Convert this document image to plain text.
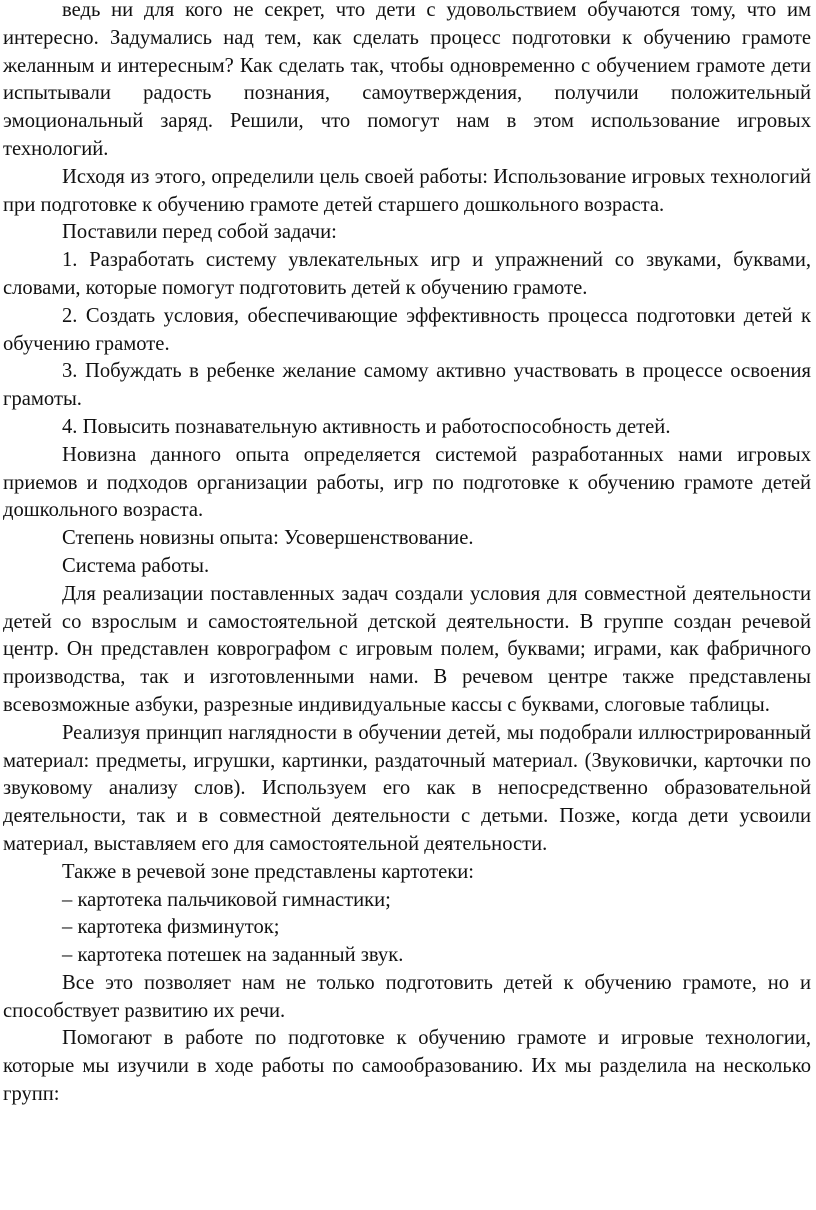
ведь ни для кого не секрет, что дети с удовольствием обучаются тому, что им интересно. Задумались над тем, как сделать процесс подготовки к обучению грамоте желанным и интересным? Как сделать так, чтобы одновременно с обучением грамоте дети испытывали радость познания, самоутверждения, получили положительный эмоциональный заряд. Решили, что помогут нам в этом использование игровых технологий.

Исходя из этого, определили цель своей работы: Использование игровых технологий при подготовке к обучению грамоте детей старшего дошкольного возраста.

Поставили перед собой задачи:

1. Разработать систему увлекательных игр и упражнений со звуками, буквами, словами, которые помогут подготовить детей к обучению грамоте.

2. Создать условия, обеспечивающие эффективность процесса подготовки детей к обучению грамоте.

3. Побуждать в ребенке желание самому активно участвовать в процессе освоения грамоты.

4. Повысить познавательную активность и работоспособность детей.

Новизна данного опыта определяется системой разработанных нами игровых приемов и подходов организации работы, игр по подготовке к обучению грамоте детей дошкольного возраста.

Степень новизны опыта: Усовершенствование.

Система работы.

Для реализации поставленных задач создали условия для совместной деятельности детей со взрослым и самостоятельной детской деятельности. В группе создан речевой центр. Он представлен коврографом с игровым полем, буквами; играми, как фабричного производства, так и изготовленными нами. В речевом центре также представлены всевозможные азбуки, разрезные индивидуальные кассы с буквами, слоговые таблицы.

Реализуя принцип наглядности в обучении детей, мы подобрали иллюстрированный материал: предметы, игрушки, картинки, раздаточный материал. (Звуковички, карточки по звуковому анализу слов). Используем его как в непосредственно образовательной деятельности, так и в совместной деятельности с детьми. Позже, когда дети усвоили материал, выставляем его для самостоятельной деятельности.

Также в речевой зоне представлены картотеки:

– картотека пальчиковой гимнастики;

– картотека физминуток;

– картотека потешек на заданный звук.

Все это позволяет нам не только подготовить детей к обучению грамоте, но и способствует развитию их речи.

Помогают в работе по подготовке к обучению грамоте и игровые технологии, которые мы изучили в ходе работы по самообразованию. Их мы разделила на несколько групп:
